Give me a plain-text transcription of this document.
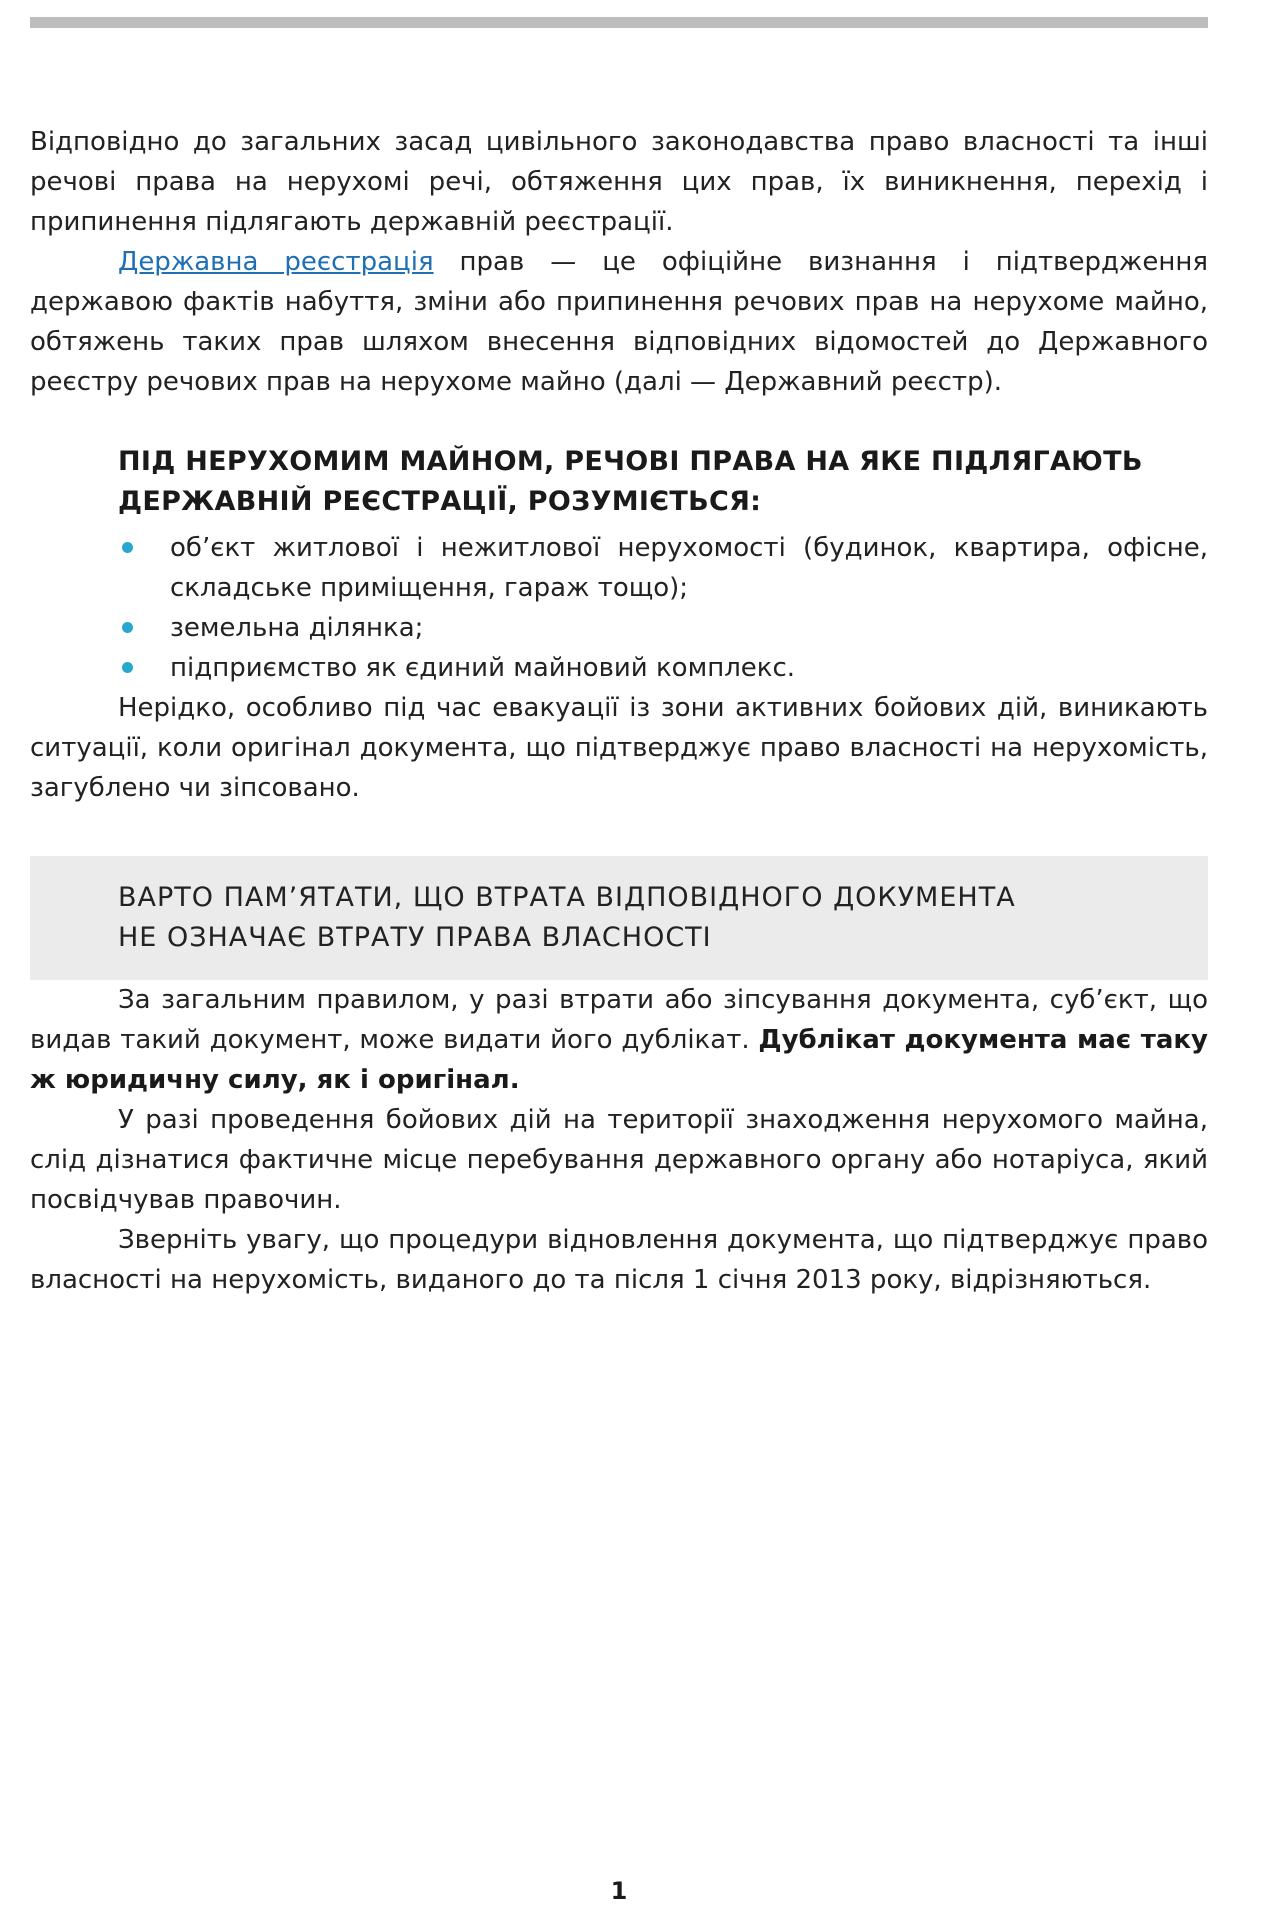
Відповідно до загальних засад цивільного законодавства право власності та інші речові права на нерухомі речі, обтяження цих прав, їх виникнення, перехід і припинення підлягають державній реєстрації.

Державна реєстрація прав — це офіційне визнання і підтвердження державою фактів набуття, зміни або припинення речових прав на нерухоме майно, обтяжень таких прав шляхом внесення відповідних відомостей до Державного реєстру речових прав на нерухоме майно (далі — Державний реєстр).

ПІД НЕРУХОМИМ МАЙНОМ, РЕЧОВІ ПРАВА НА ЯКЕ ПІДЛЯГАЮТЬ
ДЕРЖАВНІЙ РЕЄСТРАЦІЇ, РОЗУМІЄТЬСЯ:
об’єкт житлової і нежитлової нерухомості (будинок, квартира, офісне, складське приміщення, гараж тощо);
земельна ділянка;
підприємство як єдиний майновий комплекс.

Нерідко, особливо під час евакуації із зони активних бойових дій, виникають ситуації, коли оригінал документа, що підтверджує право власності на нерухомість, загублено чи зіпсовано.

ВАРТО ПАМ’ЯТАТИ, ЩО ВТРАТА ВІДПОВІДНОГО ДОКУМЕНТА
НЕ ОЗНАЧАЄ ВТРАТУ ПРАВА ВЛАСНОСТІ

За загальним правилом, у разі втрати або зіпсування документа, суб’єкт, що видав такий документ, може видати його дублікат. Дублікат документа має таку ж юридичну силу, як і оригінал.

У разі проведення бойових дій на території знаходження нерухомого майна, слід дізнатися фактичне місце перебування державного органу або нотаріуса, який посвідчував правочин.

Зверніть увагу, що процедури відновлення документа, що підтверджує право власності на нерухомість, виданого до та після 1 січня 2013 року, відрізняються.

1
